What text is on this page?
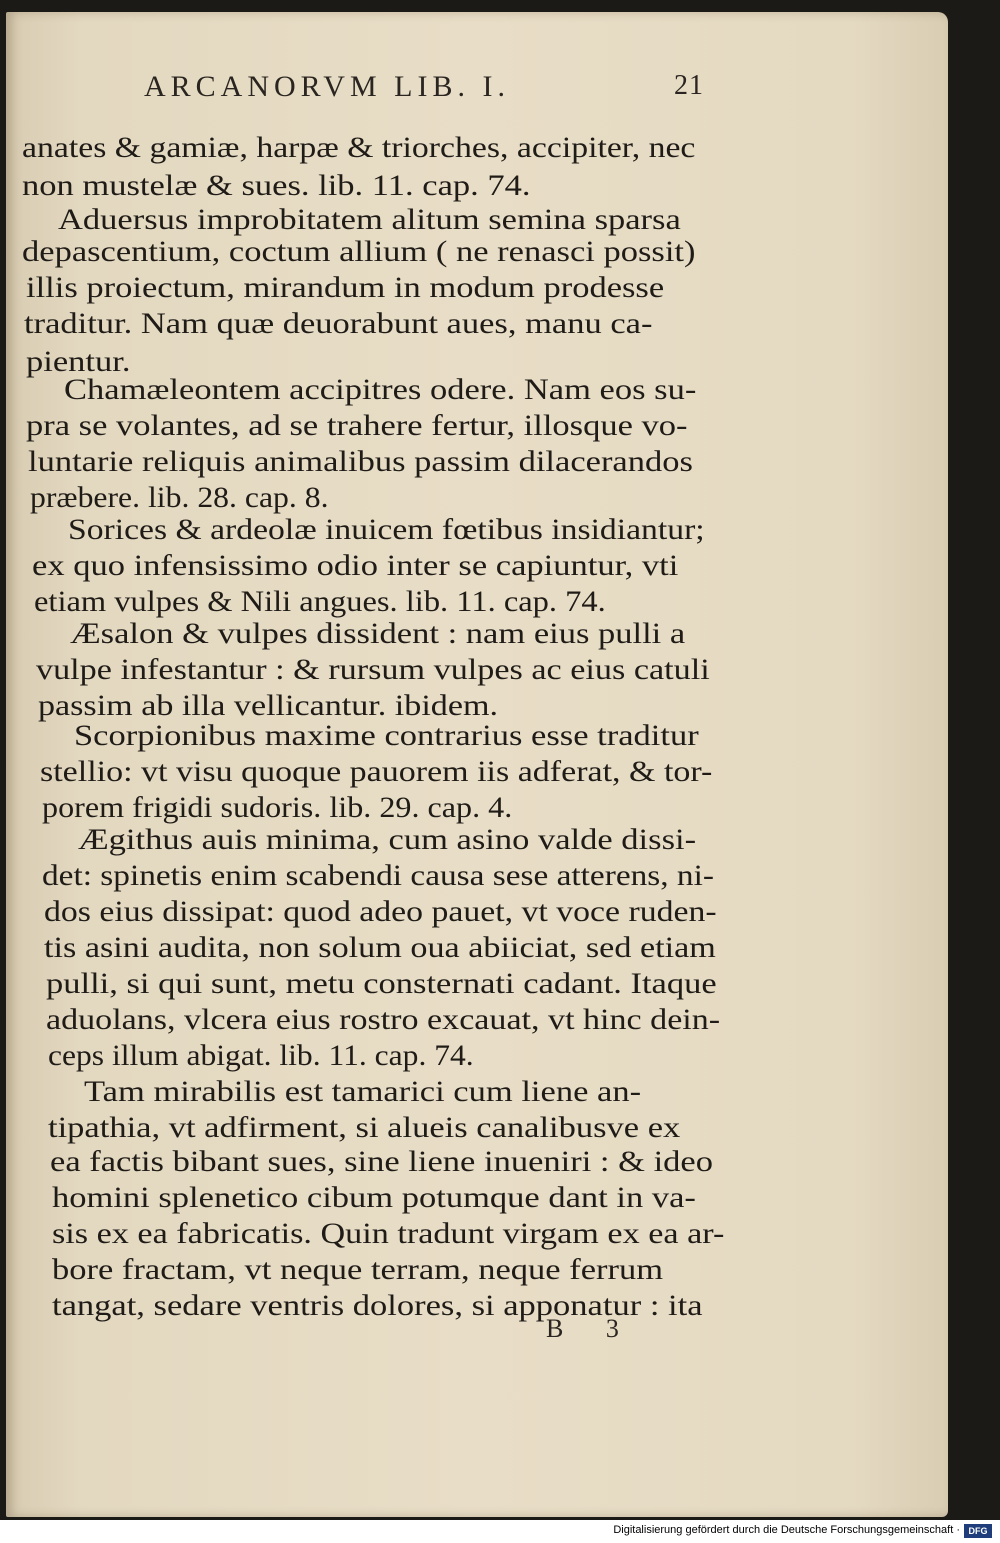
ARCANORVM LIB. I.	21
anates & gamiæ, harpæ & triorches, accipiter, nec
non mustelæ & sues. lib. 11. cap. 74.
Aduersus improbitatem alitum semina sparsa
depascentium, coctum allium ( ne renasci possit)
illis proiectum, mirandum in modum prodesse
traditur. Nam quæ deuorabunt aues, manu ca-
pientur.
Chamæleontem accipitres odere. Nam eos su-
pra se volantes, ad se trahere fertur, illosque vo-
luntarie reliquis animalibus passim dilacerandos
præbere. lib. 28. cap. 8.
Sorices & ardeolæ inuicem fœtibus insidiantur;
ex quo infensissimo odio inter se capiuntur, vti
etiam vulpes & Nili angues. lib. 11. cap. 74.
Æsalon & vulpes dissident : nam eius pulli a
vulpe infestantur : & rursum vulpes ac eius catuli
passim ab illa vellicantur. ibidem.
Scorpionibus maxime contrarius esse traditur
stellio: vt visu quoque pauorem iis adferat, & tor-
porem frigidi sudoris. lib. 29. cap. 4.
Ægithus auis minima, cum asino valde dissi-
det: spinetis enim scabendi causa sese atterens, ni-
dos eius dissipat: quod adeo pauet, vt voce ruden-
tis asini audita, non solum oua abiiciat, sed etiam
pulli, si qui sunt, metu consternati cadant. Itaque
aduolans, vlcera eius rostro excauat, vt hinc dein-
ceps illum abigat. lib. 11. cap. 74.
Tam mirabilis est tamarici cum liene an-
tipathia, vt adfirment, si alueis canalibusve ex
ea factis bibant sues, sine liene inueniri : & ideo
homini splenetico cibum potumque dant in va-
sis ex ea fabricatis. Quin tradunt virgam ex ea ar-
bore fractam, vt neque terram, neque ferrum
tangat, sedare ventris dolores, si apponatur : ita
B 3
Digitalisierung gefördert durch die Deutsche Forschungsgemeinschaft · DFG
